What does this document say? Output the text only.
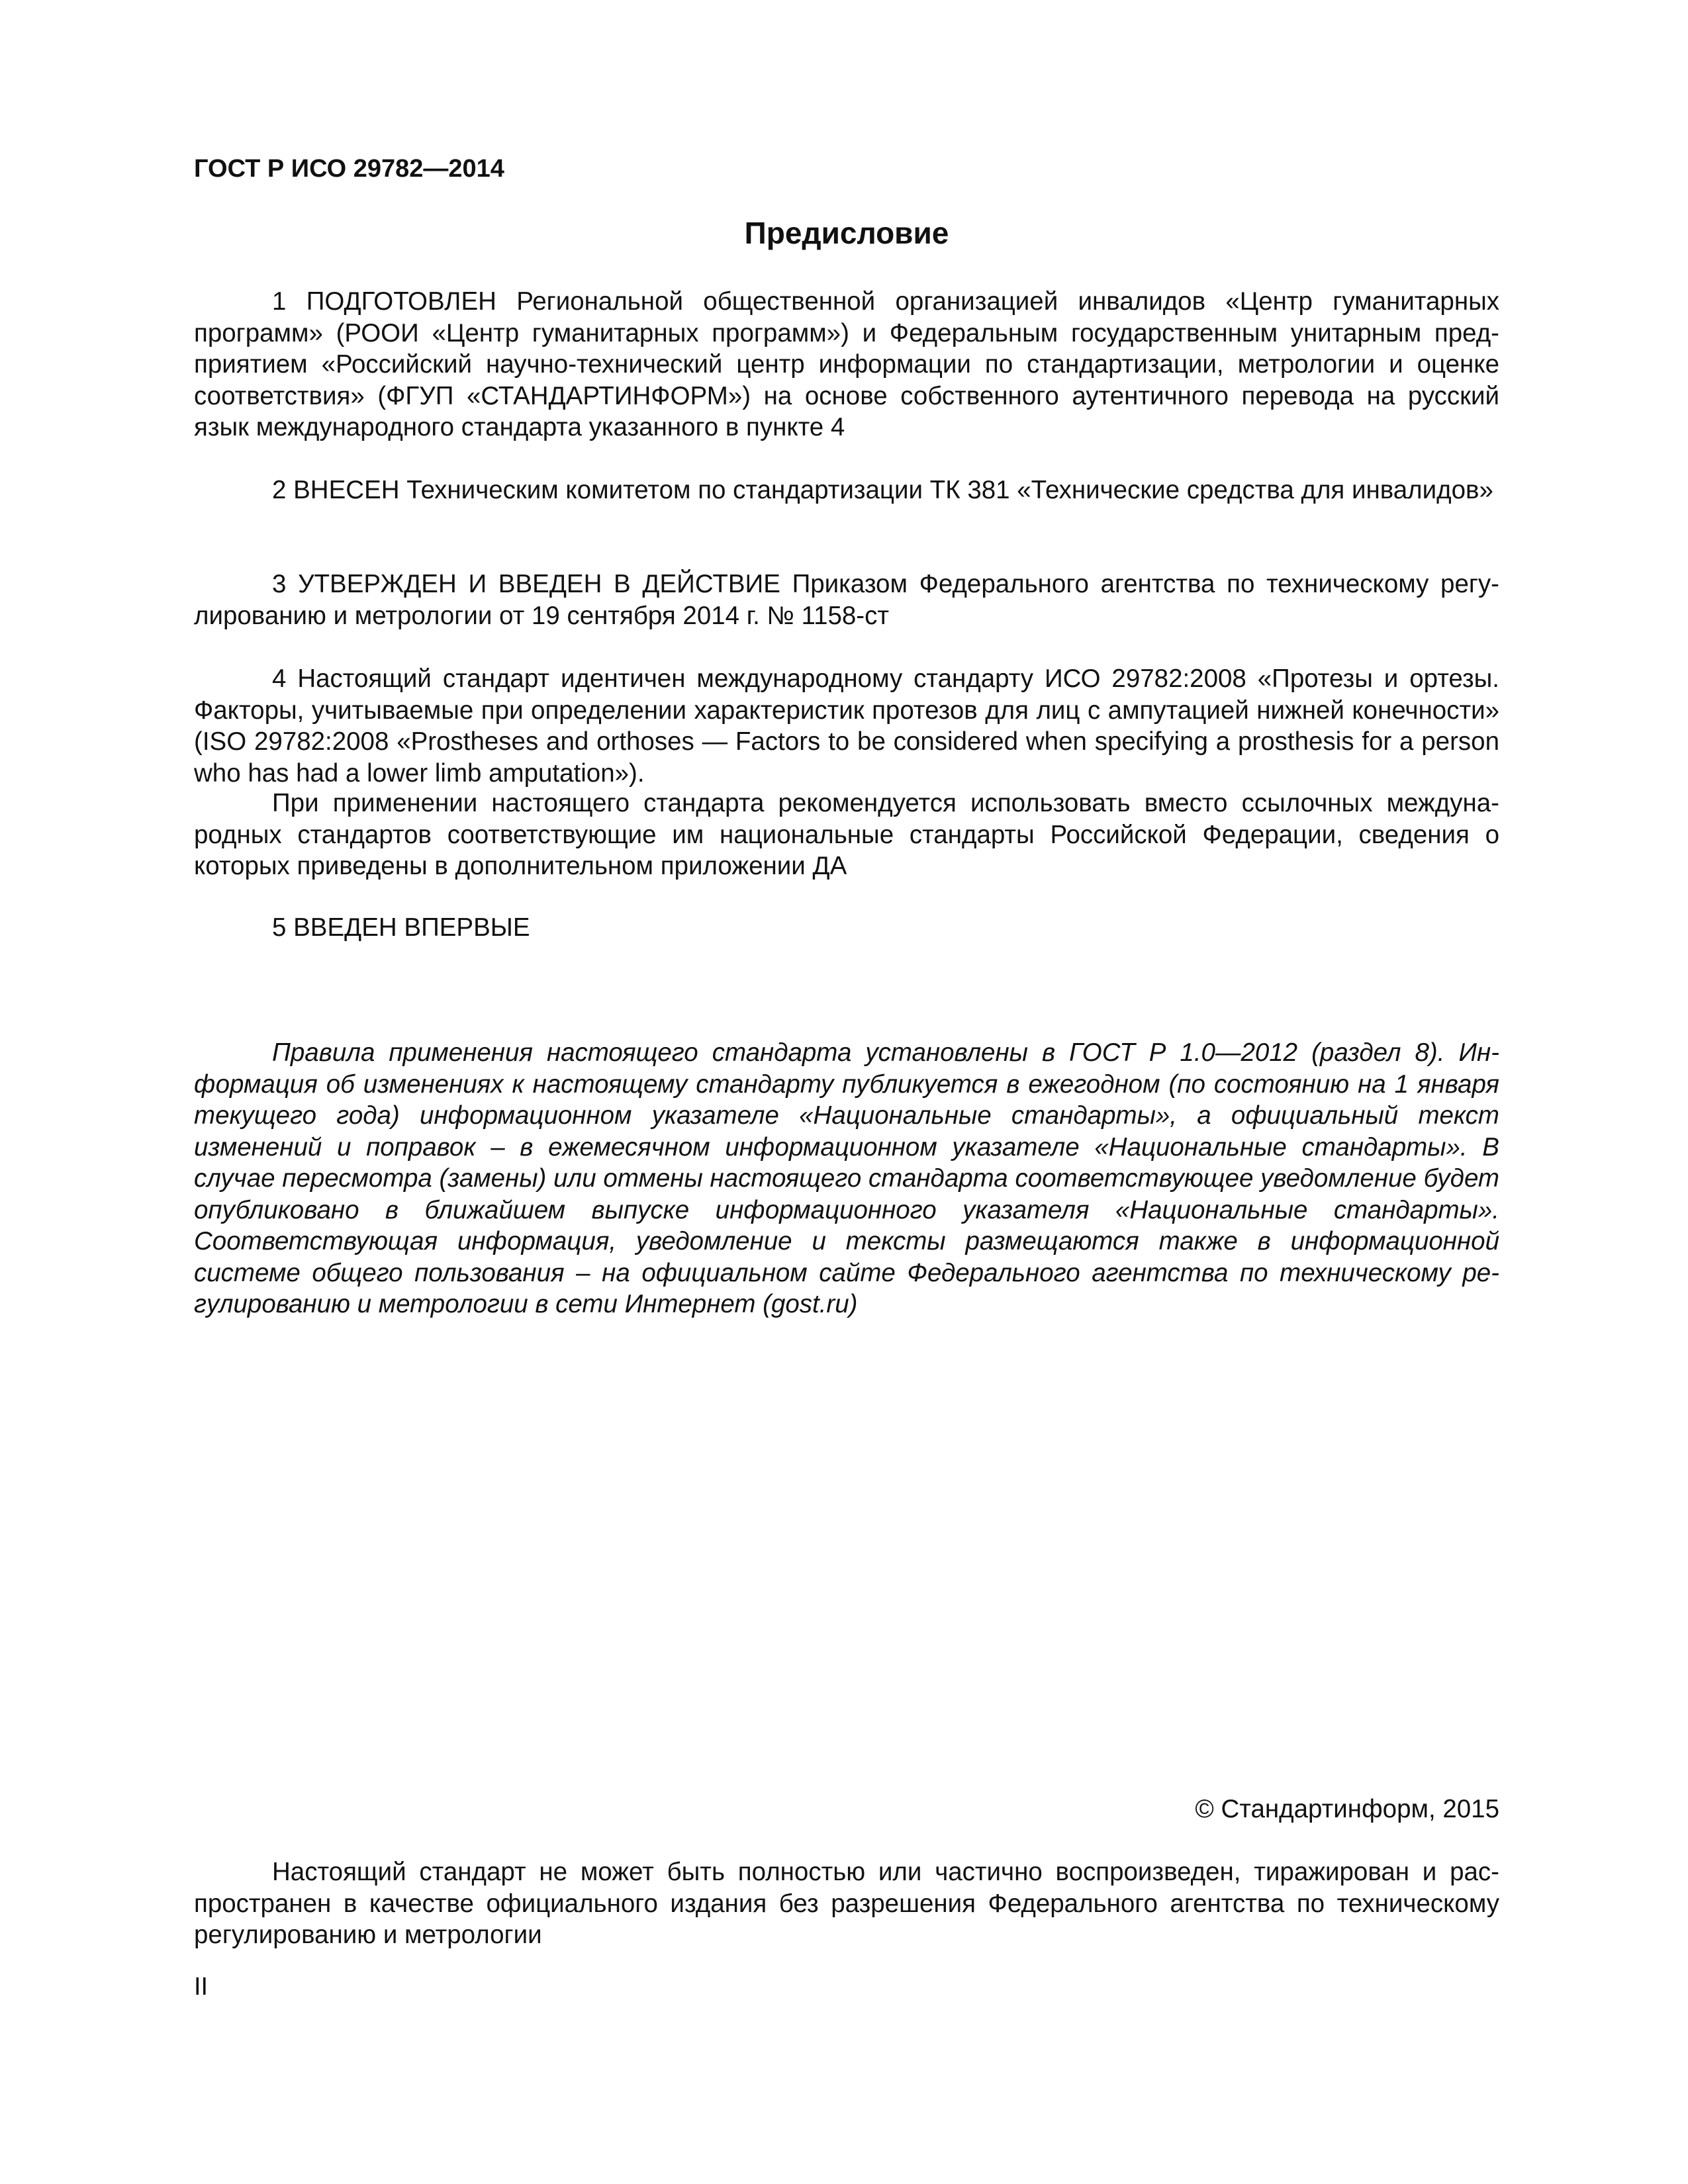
ГОСТ Р ИСО 29782—2014
Предисловие

1 ПОДГОТОВЛЕН Региональной общественной организацией инвалидов «Центр гуманитарных программ» (РООИ «Центр гуманитарных программ») и Федеральным государственным унитарным предприятием «Российский научно-технический центр информации по стандартизации, метрологии и оценке соответствия» (ФГУП «СТАНДАРТИНФОРМ») на основе собственного аутентичного перевода на русский язык международного стандарта указанного в пункте 4

2 ВНЕСЕН Техническим комитетом по стандартизации ТК 381 «Технические средства для инвалидов»

3 УТВЕРЖДЕН И ВВЕДЕН В ДЕЙСТВИЕ Приказом Федерального агентства по техническому регулированию и метрологии от 19 сентября 2014 г. № 1158-ст

4 Настоящий стандарт идентичен международному стандарту ИСО 29782:2008 «Протезы и ортезы. Факторы, учитываемые при определении характеристик протезов для лиц с ампутацией нижней конечности» (ISO 29782:2008 «Prostheses and orthoses — Factors to be considered when specifying a prosthesis for a person who has had a lower limb amputation»).

При применении настоящего стандарта рекомендуется использовать вместо ссылочных международных стандартов соответствующие им национальные стандарты Российской Федерации, сведения о которых приведены в дополнительном приложении ДА

5 ВВЕДЕН ВПЕРВЫЕ

Правила применения настоящего стандарта установлены в ГОСТ Р 1.0—2012 (раздел 8). Информация об изменениях к настоящему стандарту публикуется в ежегодном (по состоянию на 1 января текущего года) информационном указателе «Национальные стандарты», а официальный текст изменений и поправок – в ежемесячном информационном указателе «Национальные стандарты». В случае пересмотра (замены) или отмены настоящего стандарта соответствующее уведомление будет опубликовано в ближайшем выпуске информационного указателя «Национальные стандарты». Соответствующая информация, уведомление и тексты размещаются также в информационной системе общего пользования – на официальном сайте Федерального агентства по техническому регулированию и метрологии в сети Интернет (gost.ru)

© Стандартинформ, 2015

Настоящий стандарт не может быть полностью или частично воспроизведен, тиражирован и распространен в качестве официального издания без разрешения Федерального агентства по техническому регулированию и метрологии

II
